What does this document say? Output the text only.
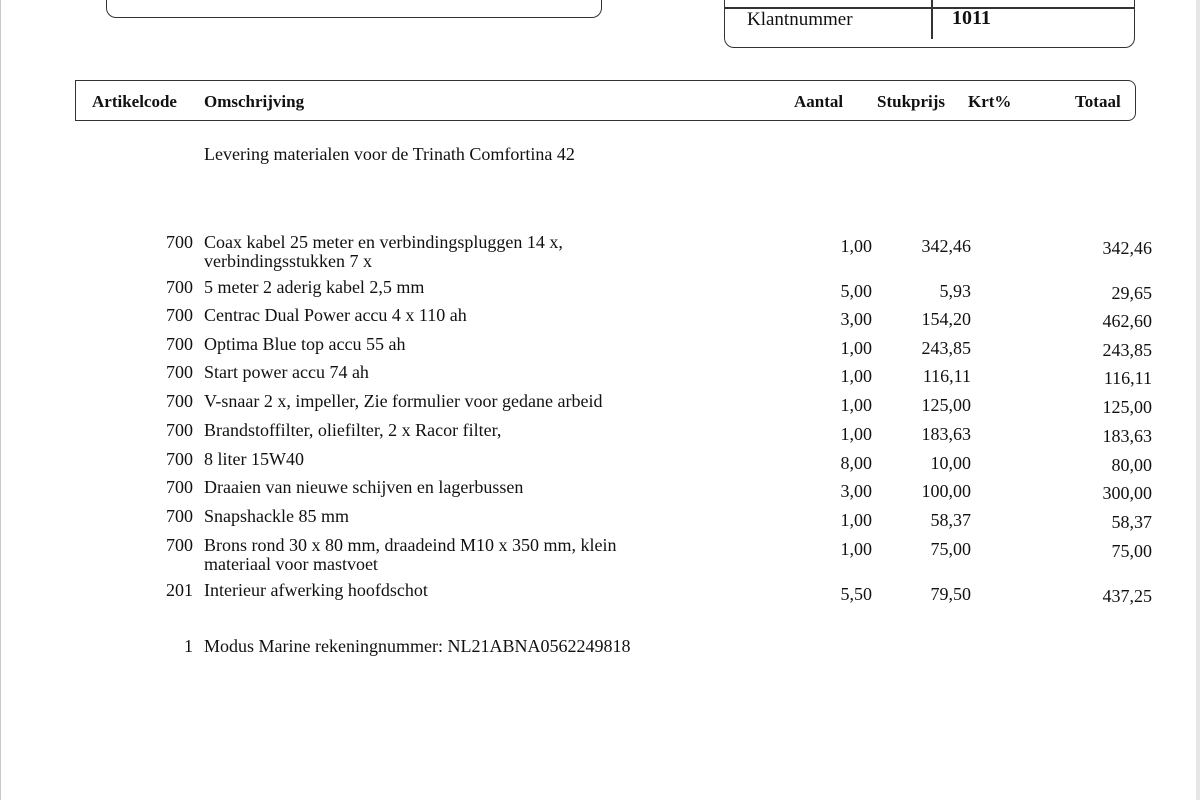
Klantnummer	1011
Artikelcode Omschrijving	Aantal Stukprijs Krt%	Totaal
Levering materialen voor de Trinath Comfortina 42
700 Coax kabel 25 meter en verbindingspluggen 14 x,	1,00	342,46	342,46
verbindingsstukken 7 x
700 5 meter 2 aderig kabel 2,5 mm	5,00	5,93	29,65
700 Centrac Dual Power accu 4 x 110 ah	3,00	154,20	462,60
700 Optima Blue top accu 55 ah	1,00	243,85	243,85
700 Start power accu 74 ah	1,00	116,11	116,11
700 V-snaar 2 x, impeller, Zie formulier voor gedane arbeid	1,00	125,00	125,00
700 Brandstoffilter, oliefilter, 2 x Racor filter,	1,00	183,63	183,63
700 8 liter 15W40	8,00	10,00	80,00
700 Draaien van nieuwe schijven en lagerbussen	3,00	100,00	300,00
700 Snapshackle 85 mm	1,00	58,37	58,37
700 Brons rond 30 x 80 mm, draadeind M10 x 350 mm, klein	1,00	75,00	75,00
materiaal voor mastvoet
201 Interieur afwerking hoofdschot	5,50	79,50	437,25
1 Modus Marine rekeningnummer: NL21ABNA0562249818
